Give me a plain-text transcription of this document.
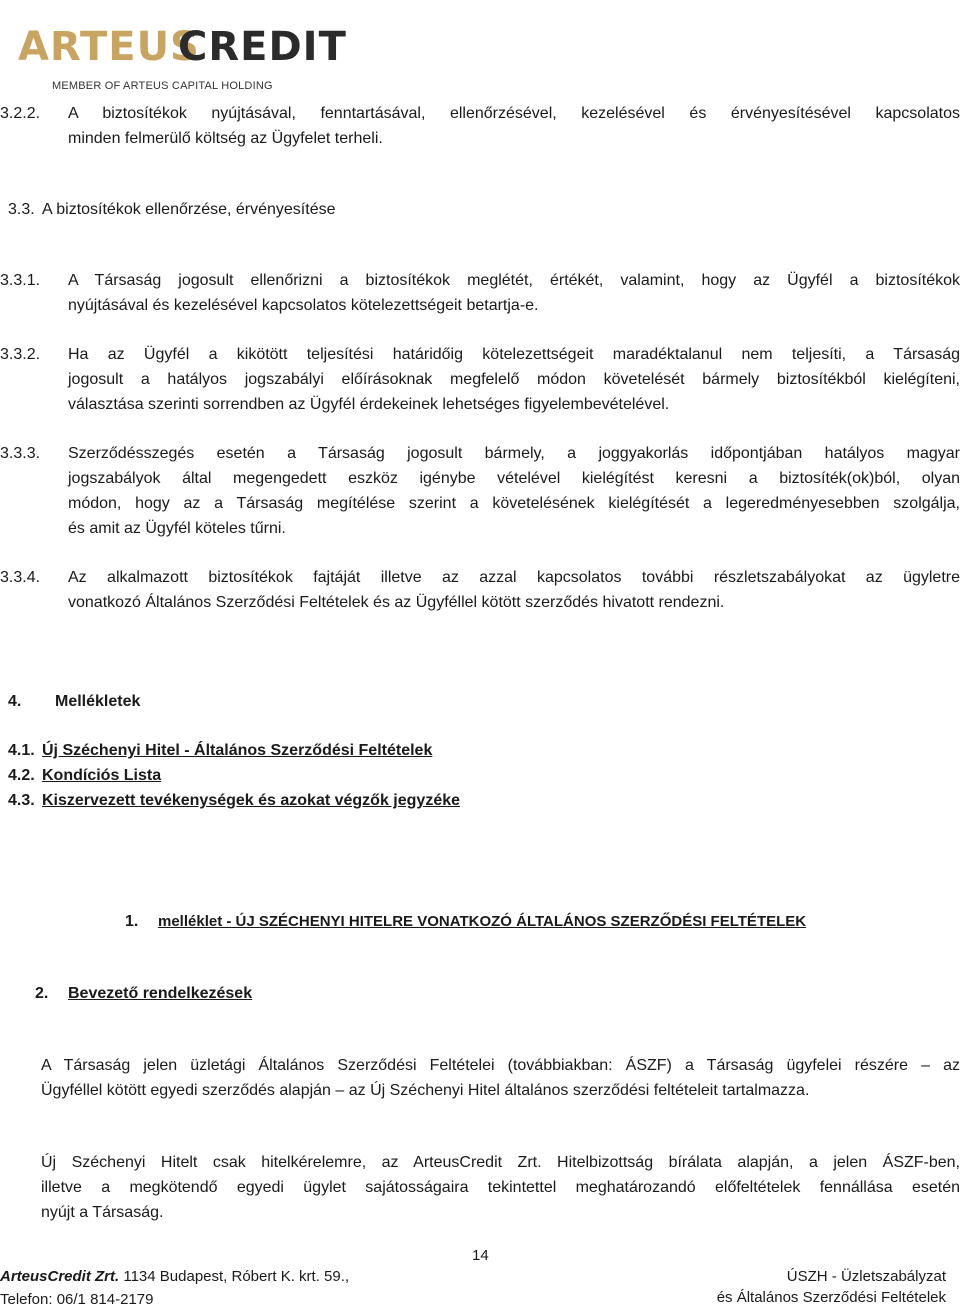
ARTEUS
CREDIT
MEMBER OF ARTEUS CAPITAL HOLDING
3.2.2. A biztosítékok nyújtásával, fenntartásával, ellenőrzésével, kezelésével és érvényesítésével kapcsolatos
minden felmerülő költség az Ügyfelet terheli.
3.3. A biztosítékok ellenőrzése, érvényesítése
3.3.1. A Társaság jogosult ellenőrizni a biztosítékok meglétét, értékét, valamint, hogy az Ügyfél a biztosítékok
nyújtásával és kezelésével kapcsolatos kötelezettségeit betartja-e.
3.3.2. Ha az Ügyfél a kikötött teljesítési határidőig kötelezettségeit maradéktalanul nem teljesíti, a Társaság
jogosult a hatályos jogszabályi előírásoknak megfelelő módon követelését bármely biztosítékból kielégíteni,
választása szerinti sorrendben az Ügyfél érdekeinek lehetséges figyelembevételével.
3.3.3. Szerződésszegés esetén a Társaság jogosult bármely, a joggyakorlás időpontjában hatályos magyar
jogszabályok által megengedett eszköz igénybe vételével kielégítést keresni a biztosíték(ok)ból, olyan
módon, hogy az a Társaság megítélése szerint a követelésének kielégítését a legeredményesebben szolgálja,
és amit az Ügyfél köteles tűrni.
3.3.4. Az alkalmazott biztosítékok fajtáját illetve az azzal kapcsolatos további részletszabályokat az ügyletre
vonatkozó Általános Szerződési Feltételek és az Ügyféllel kötött szerződés hivatott rendezni.
4. Mellékletek
4.1. Új Széchenyi Hitel - Általános Szerződési Feltételek
4.2. Kondíciós Lista
4.3. Kiszervezett tevékenységek és azokat végzők jegyzéke
1. melléklet - ÚJ SZÉCHENYI HITELRE VONATKOZÓ ÁLTALÁNOS SZERZŐDÉSI FELTÉTELEK
2. Bevezető rendelkezések
A Társaság jelen üzletági Általános Szerződési Feltételei (továbbiakban: ÁSZF) a Társaság ügyfelei részére – az
Ügyféllel kötött egyedi szerződés alapján – az Új Széchenyi Hitel általános szerződési feltételeit tartalmazza.
Új Széchenyi Hitelt csak hitelkérelemre, az ArteusCredit Zrt. Hitelbizottság bírálata alapján, a jelen ÁSZF-ben,
illetve a megkötendő egyedi ügylet sajátosságaira tekintettel meghatározandó előfeltételek fennállása esetén
nyújt a Társaság.
14
ArteusCredit Zrt. 1134 Budapest, Róbert K. krt. 59.,
Telefon: 06/1 814-2179
ÚSZH - Üzletszabályzat
és Általános Szerződési Feltételek
